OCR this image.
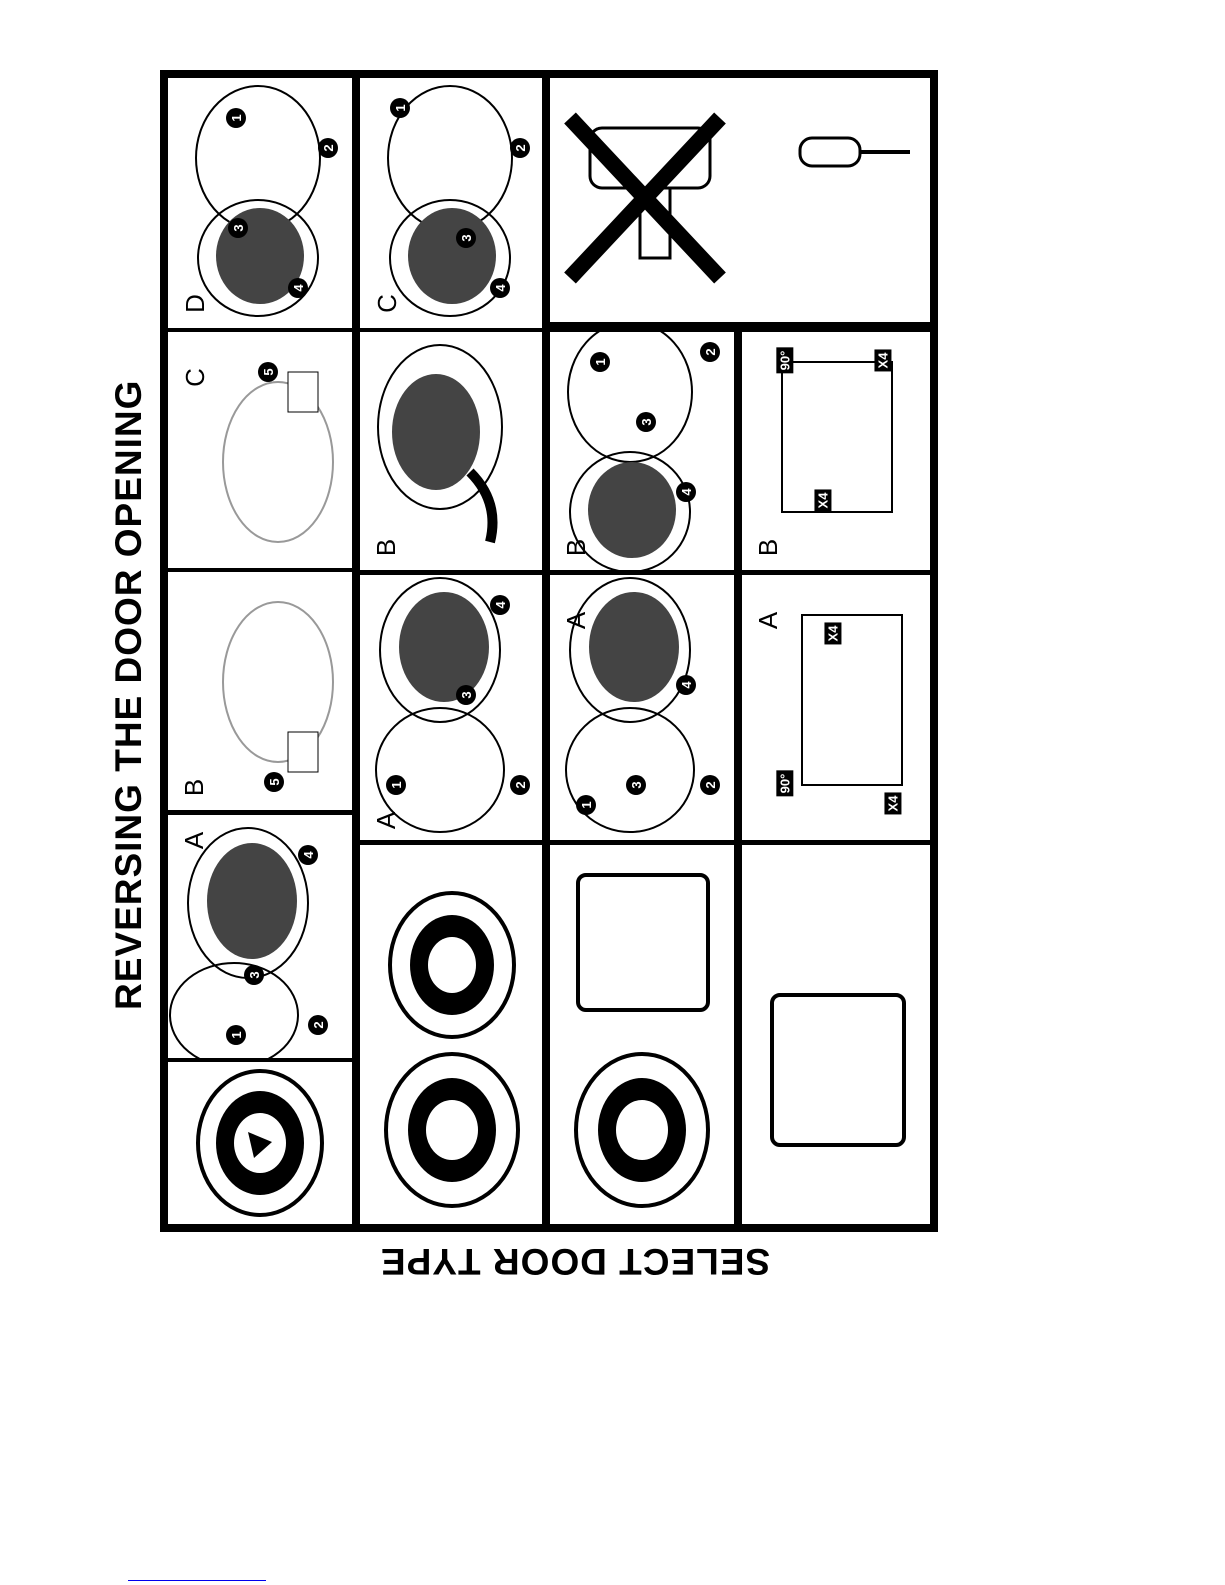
REVERSING THE DOOR OPENING
SELECT DOOR TYPE
A
3
4
1
2
B	5
C	5
D
1
2
3
4
A
1	2
3
4
B
C
1
2
3
4
A
1
2
3
4
B
1
2
3
4
A
90°
X4
X4
B
90°
X4
X4
